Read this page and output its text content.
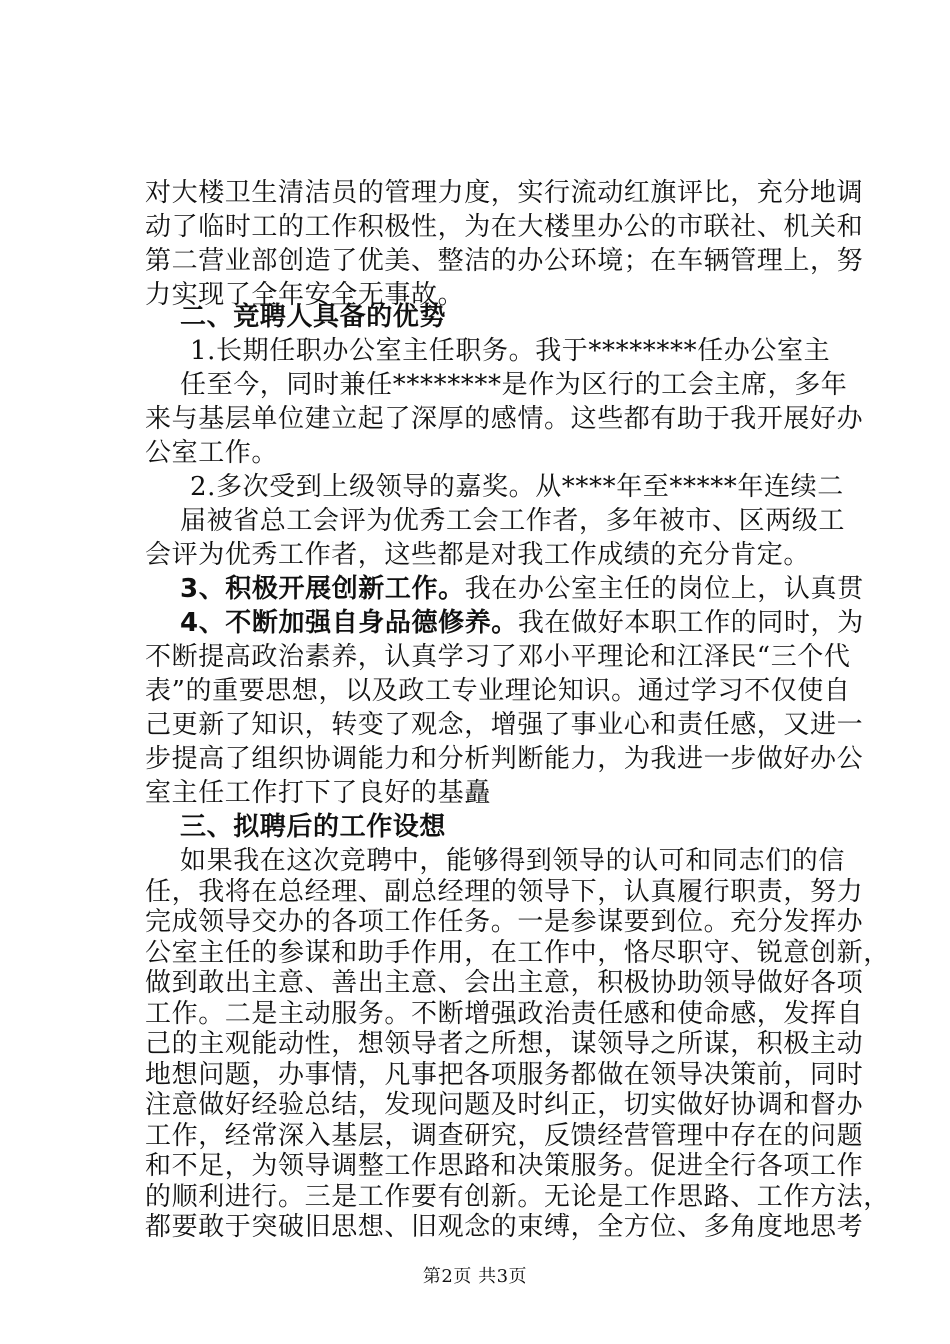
对大楼卫生清洁员的管理力度，实行流动红旗评比，充分地调
动了临时工的工作积极性，为在大楼里办公的市联社、机关和
第二营业部创造了优美、整洁的办公环境；在车辆管理上，努
力实现了全年安全无事故。
二、竞聘人具备的优势
1.长期任职办公室主任职务。我于********任办公室主
任至今，同时兼任********是作为区行的工会主席，多年
来与基层单位建立起了深厚的感情。这些都有助于我开展好办
公室工作。
2.多次受到上级领导的嘉奖。从****年至*****年连续二
届被省总工会评为优秀工会工作者，多年被市、区两级工
会评为优秀工作者，这些都是对我工作成绩的充分肯定。
3、积极开展创新工作。我在办公室主任的岗位上，认真贯
4、不断加强自身品德修养。我在做好本职工作的同时，为
不断提高政治素养，认真学习了邓小平理论和江泽民“三个代
表”的重要思想，以及政工专业理论知识。通过学习不仅使自
己更新了知识，转变了观念，增强了事业心和责任感，又进一
步提高了组织协调能力和分析判断能力，为我进一步做好办公
室主任工作打下了良好的基矗
三、拟聘后的工作设想
如果我在这次竞聘中，能够得到领导的认可和同志们的信
任，我将在总经理、副总经理的领导下，认真履行职责，努力
完成领导交办的各项工作任务。一是参谋要到位。充分发挥办
公室主任的参谋和助手作用，在工作中，恪尽职守、锐意创新，
做到敢出主意、善出主意、会出主意，积极协助领导做好各项
工作。二是主动服务。不断增强政治责任感和使命感，发挥自
己的主观能动性，想领导者之所想，谋领导之所谋，积极主动
地想问题，办事情，凡事把各项服务都做在领导决策前，同时
注意做好经验总结，发现问题及时纠正，切实做好协调和督办
工作，经常深入基层，调查研究，反馈经营管理中存在的问题
和不足，为领导调整工作思路和决策服务。促进全行各项工作
的顺利进行。三是工作要有创新。无论是工作思路、工作方法，
第2页 共3页
都要敢于突破旧思想、旧观念的束缚，全方位、多角度地思考
